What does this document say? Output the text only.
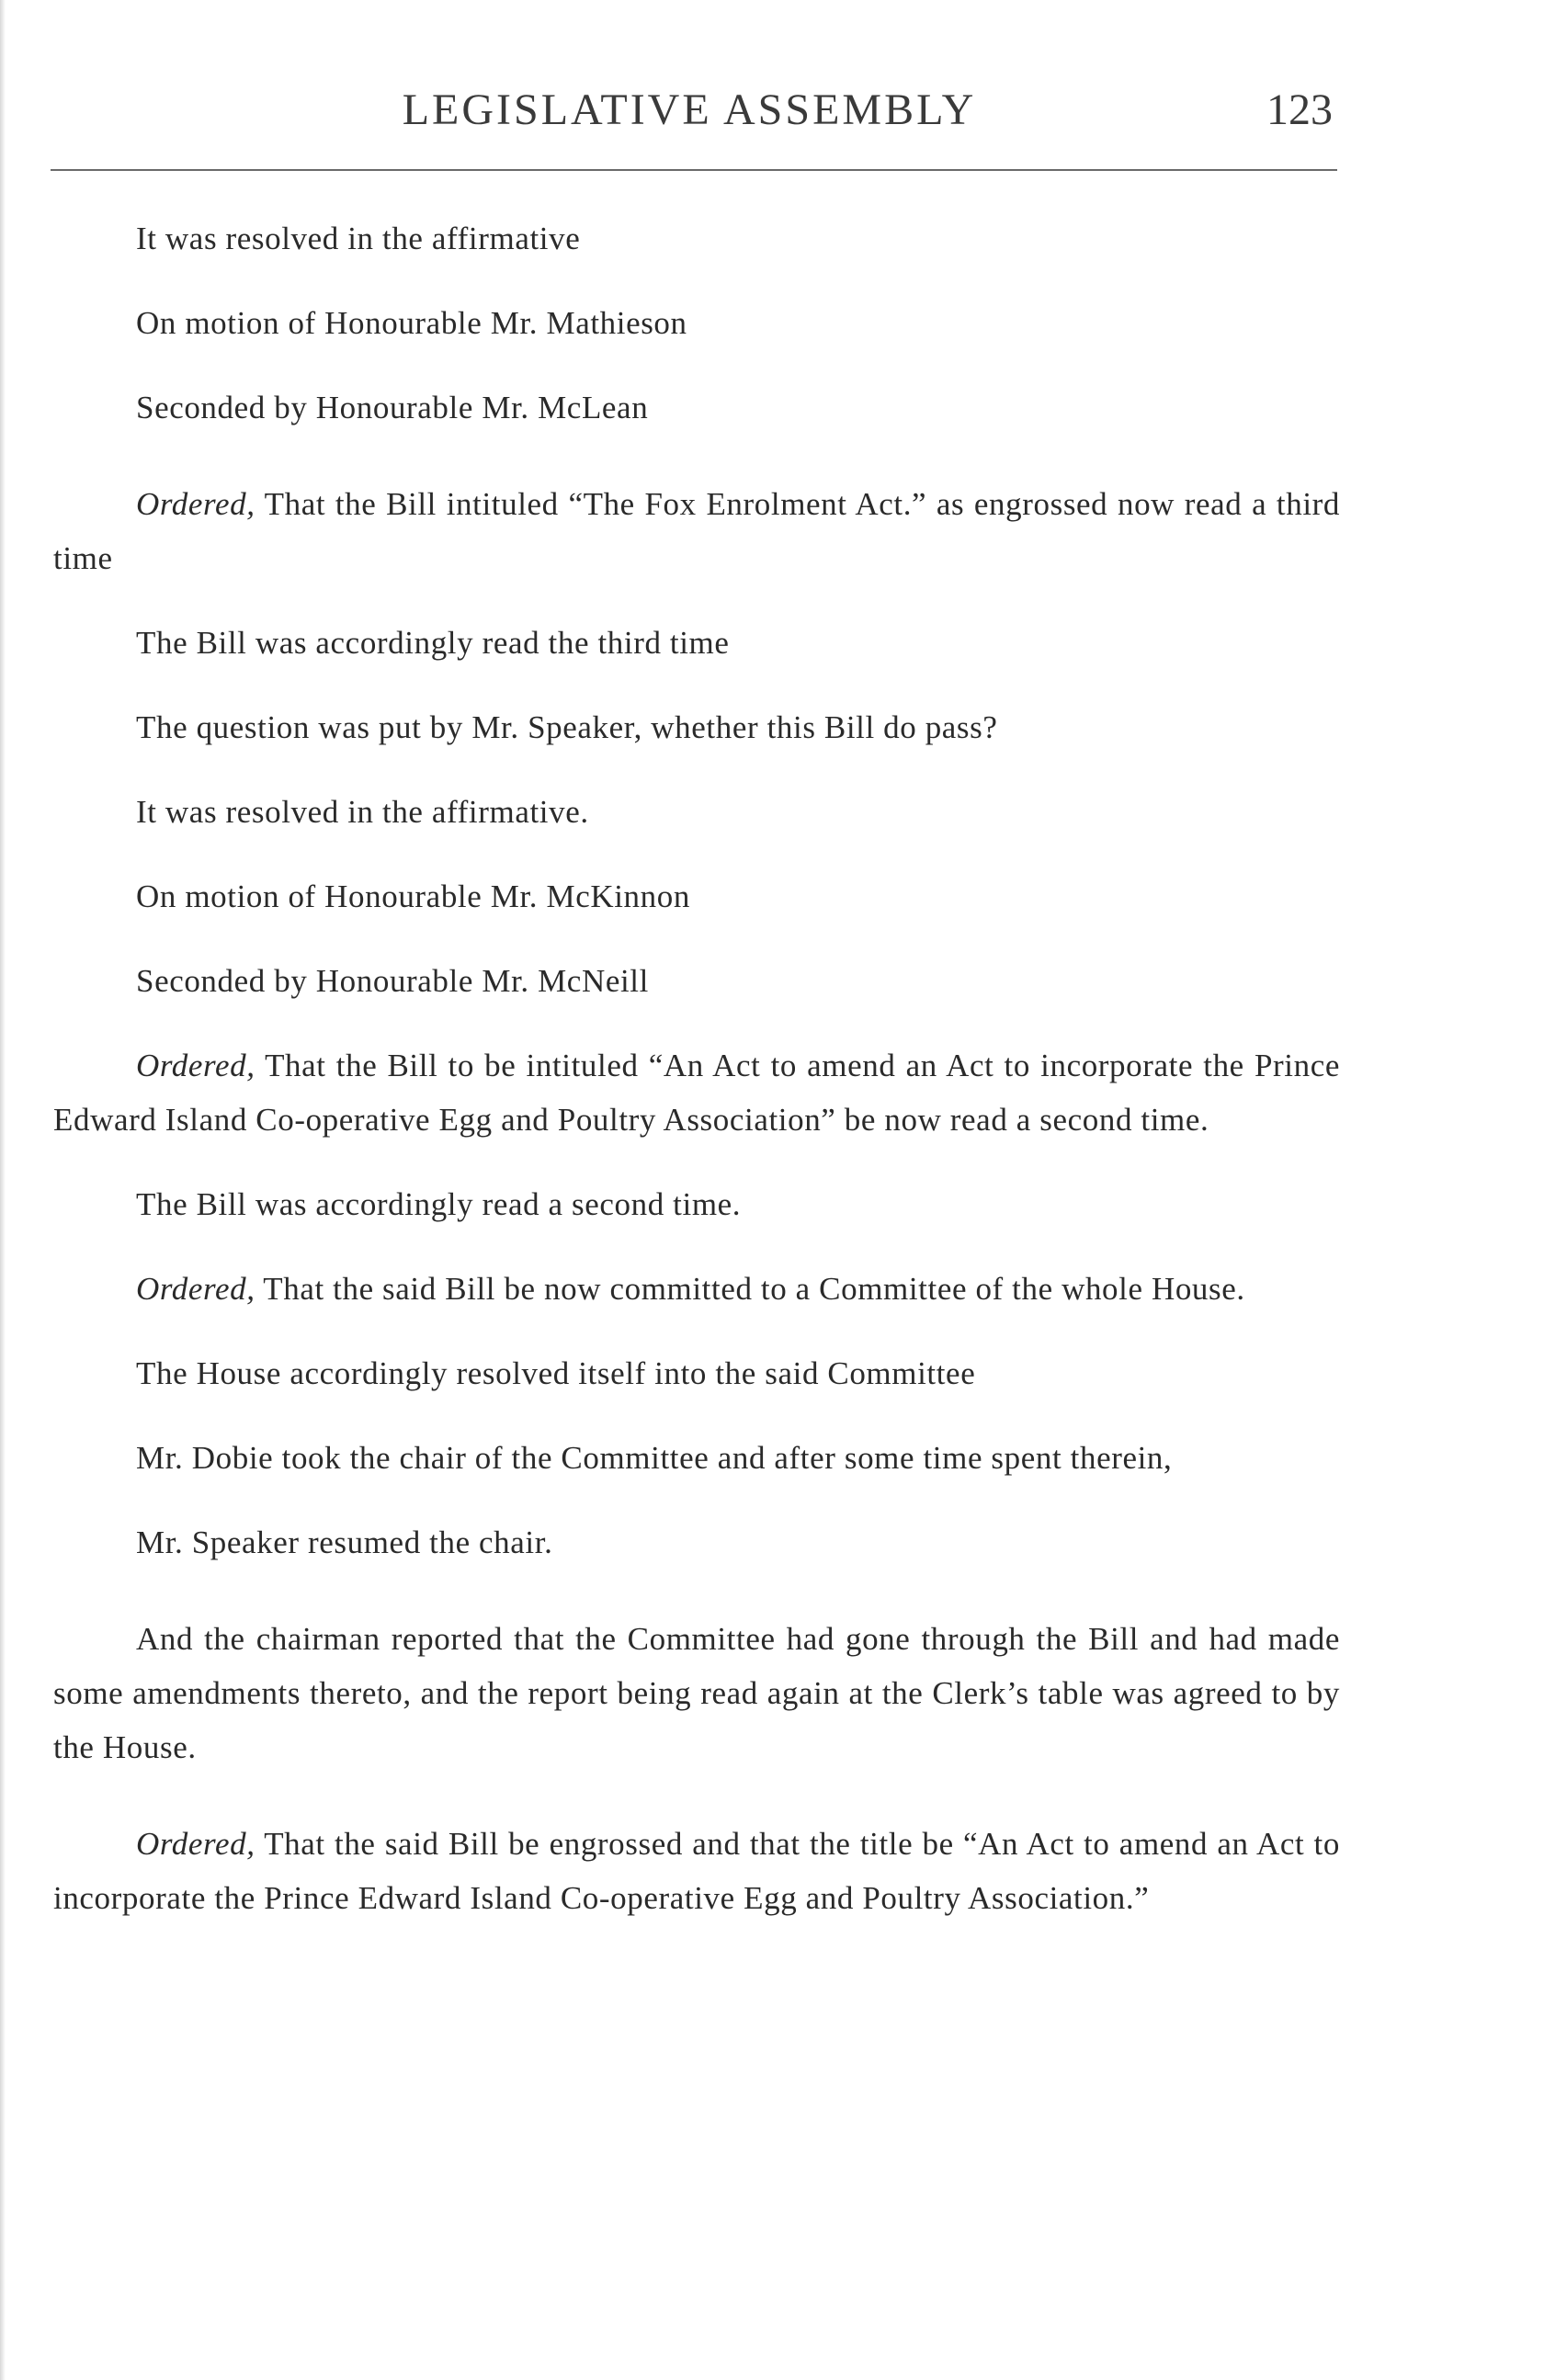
LEGISLATIVE ASSEMBLY	123

It was resolved in the affirmative

On motion of Honourable Mr. Mathieson

Seconded by Honourable Mr. McLean

Ordered, That the Bill intituled “The Fox Enrolment Act.” as engrossed now read a third time

The Bill was accordingly read the third time

The question was put by Mr. Speaker, whether this Bill do pass?

It was resolved in the affirmative.

On motion of Honourable Mr. McKinnon

Seconded by Honourable Mr. McNeill

Ordered, That the Bill to be intituled “An Act to amend an Act to incorporate the Prince Edward Island Co-operative Egg and Poultry Association” be now read a second time.

The Bill was accordingly read a second time.

Ordered, That the said Bill be now committed to a Committee of the whole House.

The House accordingly resolved itself into the said Committee

Mr. Dobie took the chair of the Committee and after some time spent therein,

Mr. Speaker resumed the chair.

And the chairman reported that the Committee had gone through the Bill and had made some amendments thereto, and the report being read again at the Clerk’s table was agreed to by the House.

Ordered, That the said Bill be engrossed and that the title be “An Act to amend an Act to incorporate the Prince Edward Island Co-operative Egg and Poultry Association.”
